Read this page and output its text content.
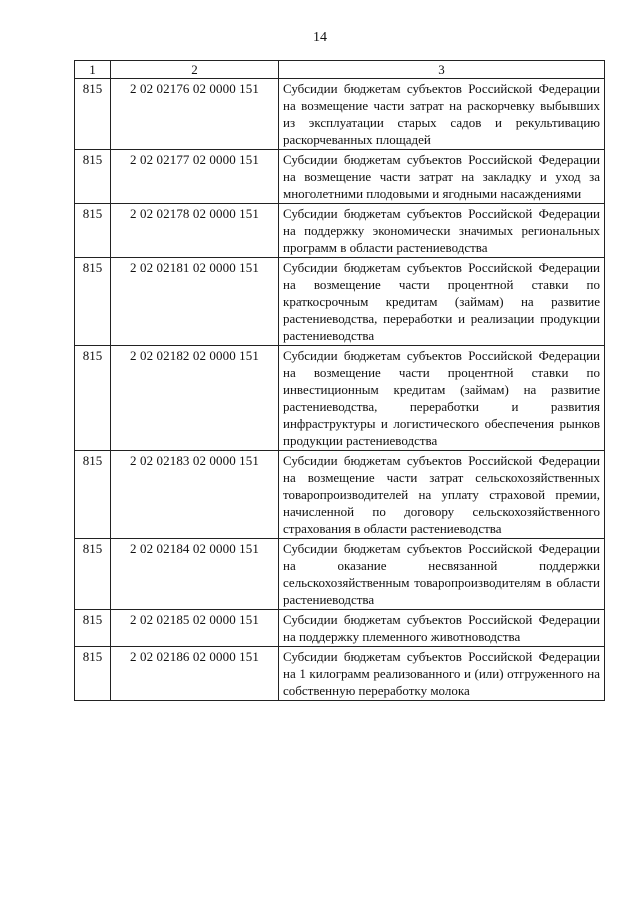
14
1	2	3
815	2 02 02176 02 0000 151	Субсидии бюджетам субъектов Российской Федерации на возмещение части затрат на раскорчевку выбывших из эксплуатации старых садов и рекультивацию раскорчеванных площадей
815	2 02 02177 02 0000 151	Субсидии бюджетам субъектов Российской Федерации на возмещение части затрат на закладку и уход за многолетними плодовыми и ягодными насаждениями
815	2 02 02178 02 0000 151	Субсидии бюджетам субъектов Российской Федерации на поддержку экономически значимых региональных программ в области растениеводства
815	2 02 02181 02 0000 151	Субсидии бюджетам субъектов Российской Федерации на возмещение части процентной ставки по краткосрочным кредитам (займам) на развитие растениеводства, переработки и реализации продукции растениеводства
815	2 02 02182 02 0000 151	Субсидии бюджетам субъектов Российской Федерации на возмещение части процентной ставки по инвестиционным кредитам (займам) на развитие растениеводства, переработки и развития инфраструктуры и логистического обеспечения рынков продукции растениеводства
815	2 02 02183 02 0000 151	Субсидии бюджетам субъектов Российской Федерации на возмещение части затрат сельскохозяйственных товаропроизводителей на уплату страховой премии, начисленной по договору сельскохозяйственного страхования в области растениеводства
815	2 02 02184 02 0000 151	Субсидии бюджетам субъектов Российской Федерации на оказание несвязанной поддержки сельскохозяйственным товаропроизводителям в области растениеводства
815	2 02 02185 02 0000 151	Субсидии бюджетам субъектов Российской Федерации на поддержку племенного животноводства
815	2 02 02186 02 0000 151	Субсидии бюджетам субъектов Российской Федерации на 1 килограмм реализованного и (или) отгруженного на собственную переработку молока
